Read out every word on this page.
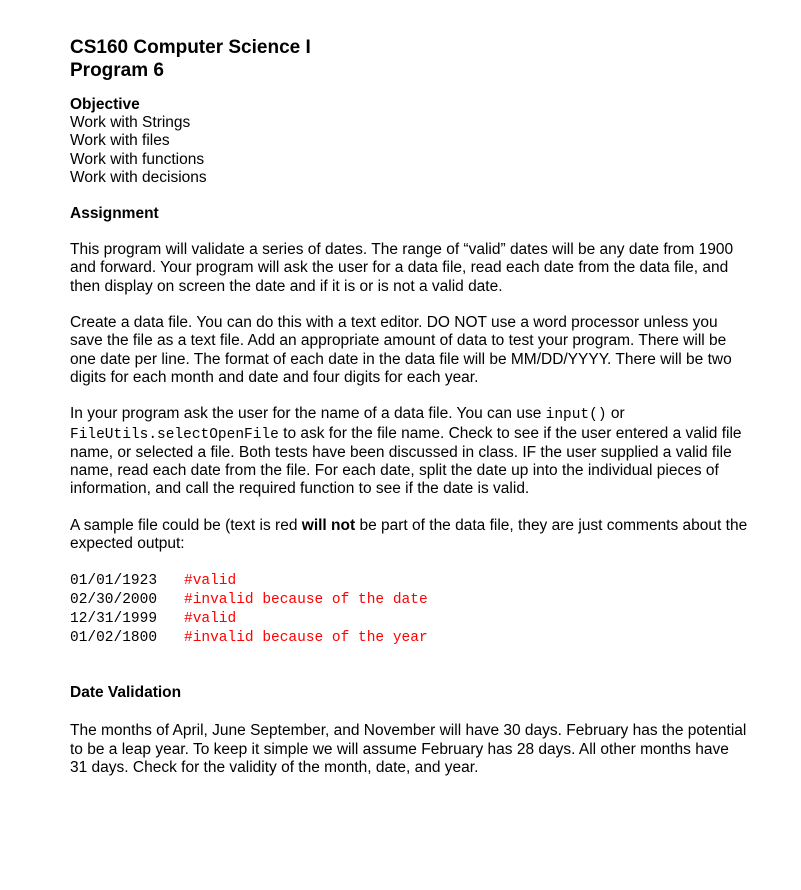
CS160 Computer Science I
Program 6
Objective
Work with Strings
Work with files
Work with functions
Work with decisions
Assignment

This program will validate a series of dates. The range of “valid” dates will be any date from 1900 and forward. Your program will ask the user for a data file, read each date from the data file, and then display on screen the date and if it is or is not a valid date.

Create a data file. You can do this with a text editor. DO NOT use a word processor unless you save the file as a text file. Add an appropriate amount of data to test your program. There will be one date per line. The format of each date in the data file will be MM/DD/YYYY. There will be two digits for each month and date and four digits for each year.

In your program ask the user for the name of a data file. You can use input() or FileUtils.selectOpenFile to ask for the file name. Check to see if the user entered a valid file name, or selected a file. Both tests have been discussed in class. IF the user supplied a valid file name, read each date from the file. For each date, split the date up into the individual pieces of information, and call the required function to see if the date is valid.

A sample file could be (text is red will not be part of the data file, they are just comments about the expected output:

01/01/1923	#valid
02/30/2000	#invalid because of the date
12/31/1999	#valid
01/02/1800	#invalid because of the year
Date Validation

The months of April, June September, and November will have 30 days. February has the potential to be a leap year. To keep it simple we will assume February has 28 days. All other months have 31 days. Check for the validity of the month, date, and year.
